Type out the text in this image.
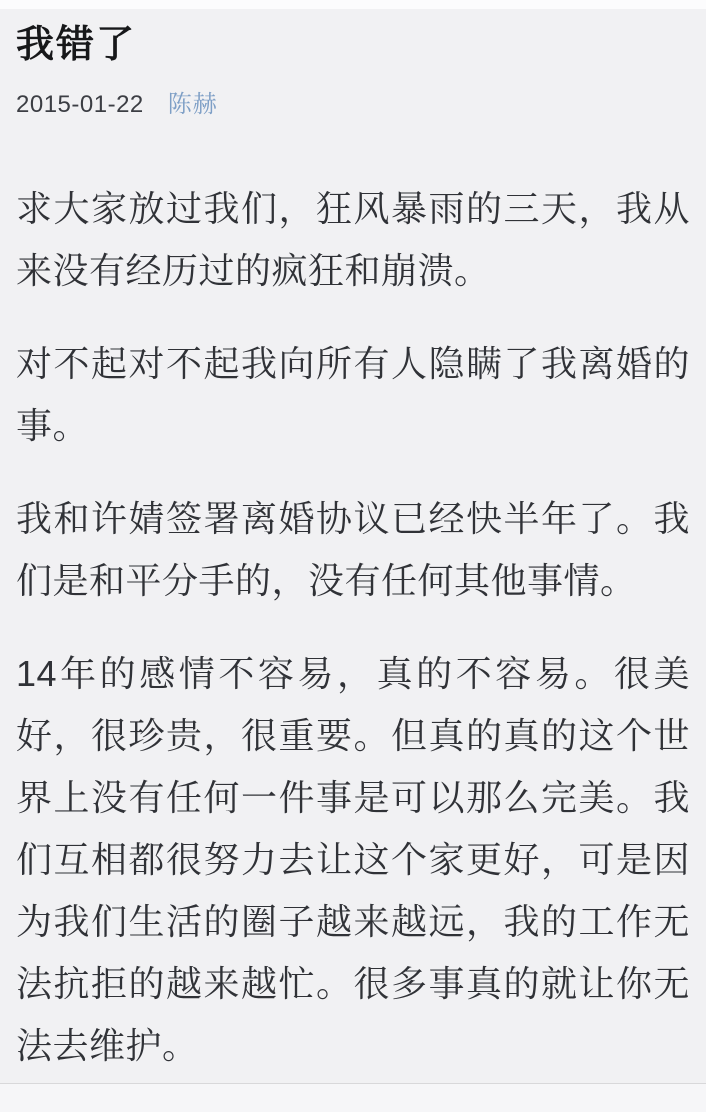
我错了
2015-01-22 陈赫

求大家放过我们，狂风暴雨的三天，我从来没有经历过的疯狂和崩溃。

对不起对不起我向所有人隐瞒了我离婚的事。

我和许婧签署离婚协议已经快半年了。我们是和平分手的，没有任何其他事情。

14年的感情不容易，真的不容易。很美好，很珍贵，很重要。但真的真的这个世界上没有任何一件事是可以那么完美。我们互相都很努力去让这个家更好，可是因为我们生活的圈子越来越远，我的工作无法抗拒的越来越忙。很多事真的就让你无法去维护。
